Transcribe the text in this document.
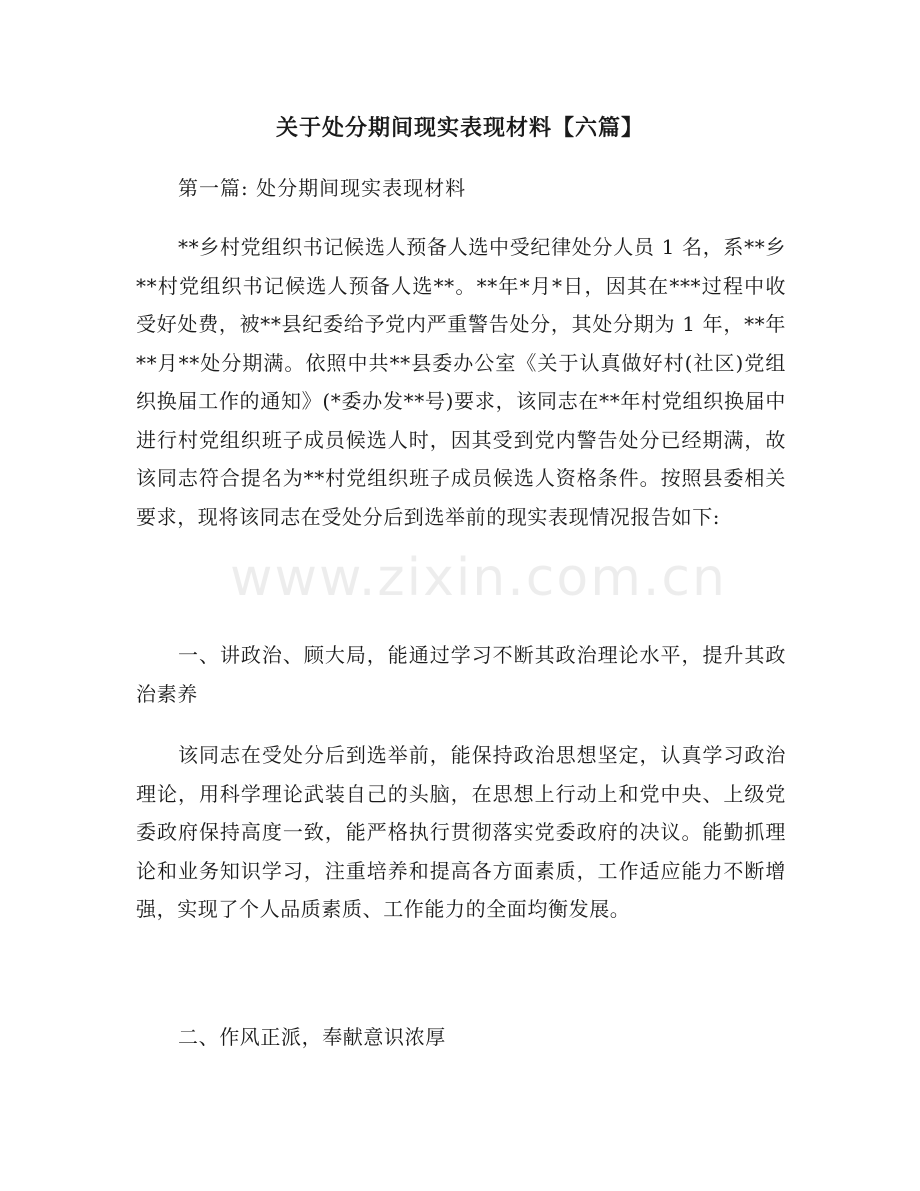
www.zixin.com.cn
关于处分期间现实表现材料【六篇】

第一篇: 处分期间现实表现材料

**乡村党组织书记候选人预备人选中受纪律处分人员 1 名，系**乡**村党组织书记候选人预备人选**。**年*月*日，因其在***过程中收受好处费，被**县纪委给予党内严重警告处分，其处分期为 1 年，**年**月**处分期满。依照中共**县委办公室《关于认真做好村(社区)党组织换届工作的通知》(*委办发**号)要求，该同志在**年村党组织换届中进行村党组织班子成员候选人时，因其受到党内警告处分已经期满，故该同志符合提名为**村党组织班子成员候选人资格条件。按照县委相关要求，现将该同志在受处分后到选举前的现实表现情况报告如下:

一、讲政治、顾大局，能通过学习不断其政治理论水平，提升其政治素养

该同志在受处分后到选举前，能保持政治思想坚定，认真学习政治理论，用科学理论武装自己的头脑，在思想上行动上和党中央、上级党委政府保持高度一致，能严格执行贯彻落实党委政府的决议。能勤抓理论和业务知识学习，注重培养和提高各方面素质，工作适应能力不断增强，实现了个人品质素质、工作能力的全面均衡发展。

二、作风正派，奉献意识浓厚
